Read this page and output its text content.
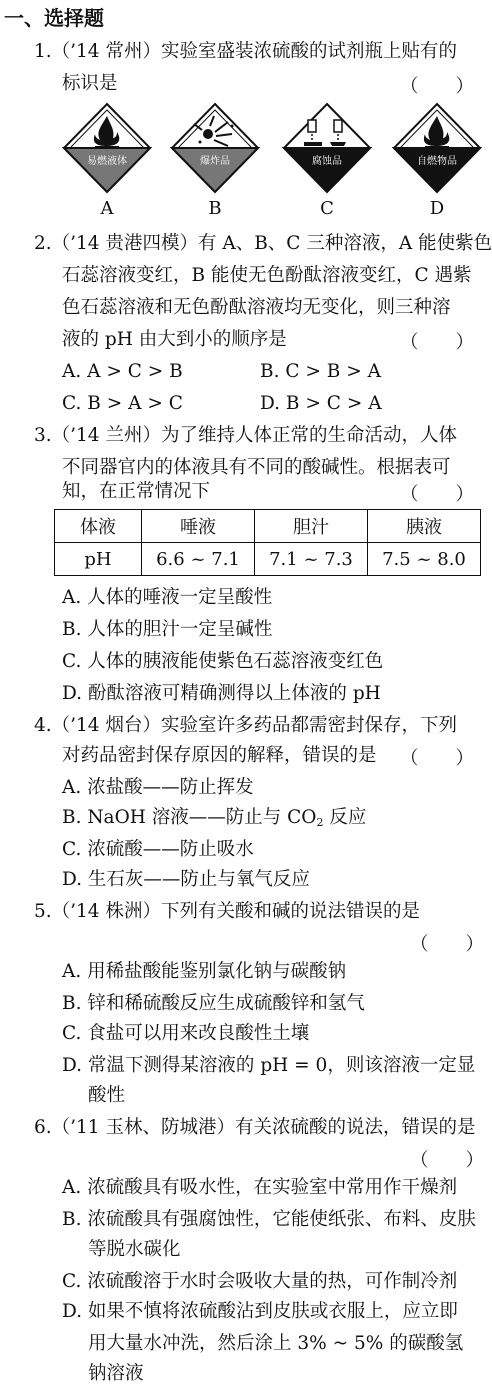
一、选择题
1.（’14 常州）实验室盛装浓硫酸的试剂瓶上贴有的
标识是	（　　）
易燃液体
A
爆炸品
B
腐蚀品
C
自燃物品
D
2.（’14 贵港四模）有 A、B、C 三种溶液，A 能使紫色
石蕊溶液变红，B 能使无色酚酞溶液变红，C 遇紫
色石蕊溶液和无色酚酞溶液均无变化，则三种溶
液的 pH 由大到小的顺序是	（　　）
A. A > C > B	B. C > B > A
C. B > A > C	D. B > C > A
3.（’14 兰州）为了维持人体正常的生命活动，人体
不同器官内的体液具有不同的酸碱性。根据表可
知，在正常情况下	（　　）
体液	唾液	胆汁	胰液
pH	6.6 ~ 7.1	7.1 ~ 7.3	7.5 ~ 8.0
A. 人体的唾液一定呈酸性
B. 人体的胆汁一定呈碱性
C. 人体的胰液能使紫色石蕊溶液变红色
D. 酚酞溶液可精确测得以上体液的 pH
4.（’14 烟台）实验室许多药品都需密封保存，下列
对药品密封保存原因的解释，错误的是 （　　）
A. 浓盐酸——防止挥发
B. NaOH 溶液——防止与 $CO_2$ 反应
C. 浓硫酸——防止吸水
D. 生石灰——防止与氧气反应
5.（’14 株洲）下列有关酸和碱的说法错误的是
（　　）
A. 用稀盐酸能鉴别氯化钠与碳酸钠
B. 锌和稀硫酸反应生成硫酸锌和氢气
C. 食盐可以用来改良酸性土壤
D. 常温下测得某溶液的 pH = 0，则该溶液一定显
酸性
6.（’11 玉林、防城港）有关浓硫酸的说法，错误的是
（　　）
A. 浓硫酸具有吸水性，在实验室中常用作干燥剂
B. 浓硫酸具有强腐蚀性，它能使纸张、布料、皮肤
等脱水碳化
C. 浓硫酸溶于水时会吸收大量的热，可作制冷剂
D. 如果不慎将浓硫酸沾到皮肤或衣服上，应立即
用大量水冲洗，然后涂上 3% ~ 5% 的碳酸氢
钠溶液
